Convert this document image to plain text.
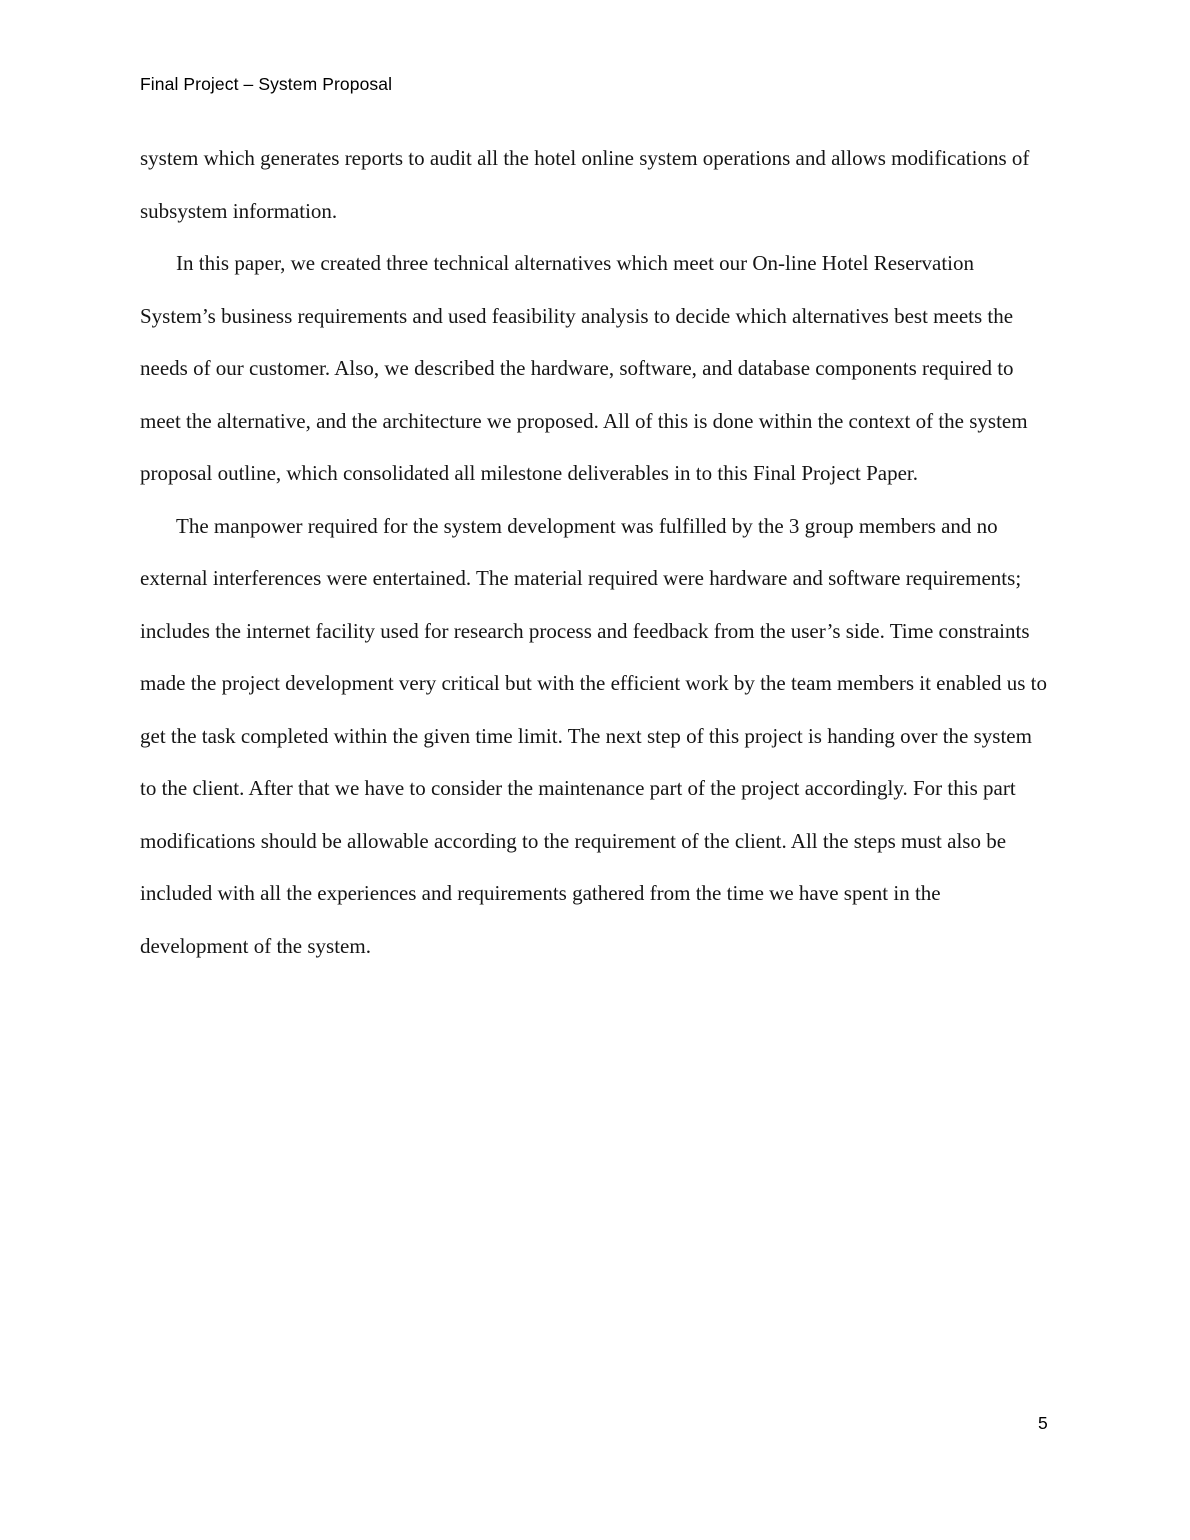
Final Project – System Proposal

system which generates reports to audit all the hotel online system operations and allows modifications of subsystem information.

In this paper, we created three technical alternatives which meet our On-line Hotel Reservation System’s business requirements and used feasibility analysis to decide which alternatives best meets the needs of our customer. Also, we described the hardware, software, and database components required to meet the alternative, and the architecture we proposed. All of this is done within the context of the system proposal outline, which consolidated all milestone deliverables in to this Final Project Paper.

The manpower required for the system development was fulfilled by the 3 group members and no external interferences were entertained. The material required were hardware and software requirements; includes the internet facility used for research process and feedback from the user’s side. Time constraints made the project development very critical but with the efficient work by the team members it enabled us to get the task completed within the given time limit. The next step of this project is handing over the system to the client. After that we have to consider the maintenance part of the project accordingly. For this part modifications should be allowable according to the requirement of the client. All the steps must also be included with all the experiences and requirements gathered from the time we have spent in the development of the system.

5
